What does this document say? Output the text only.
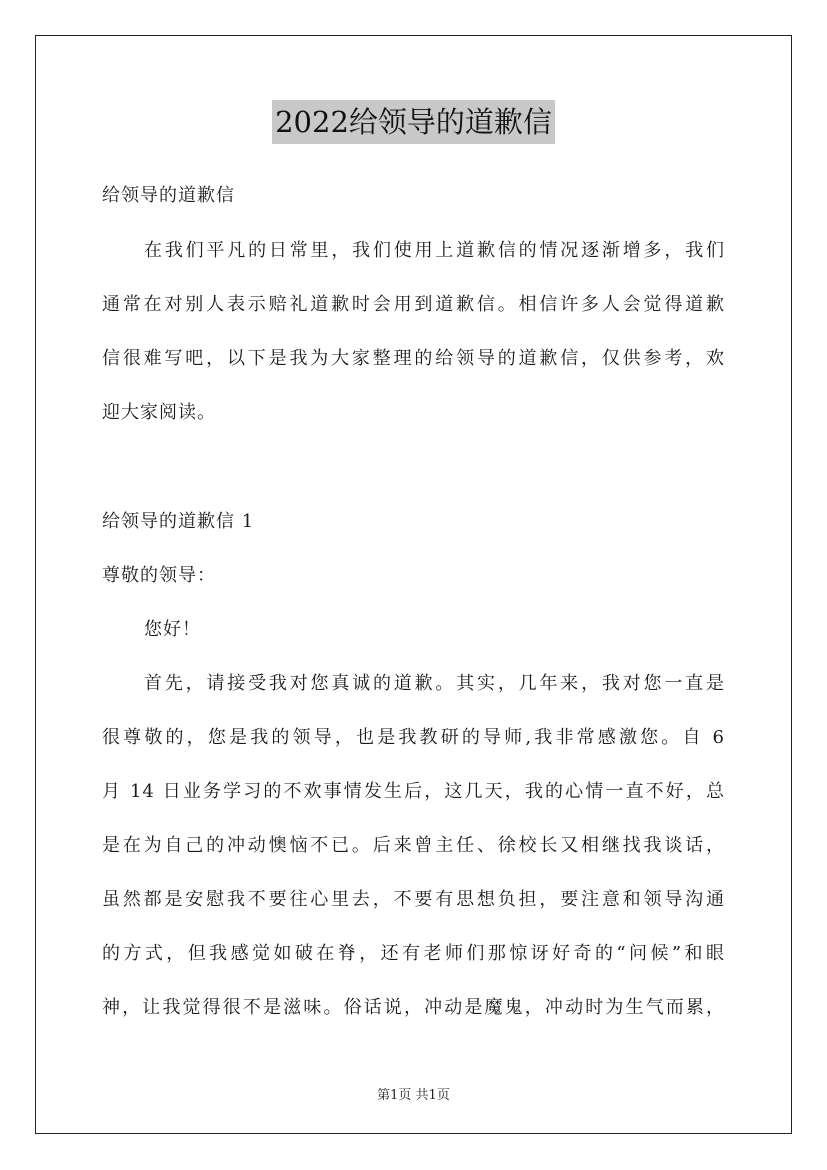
2022给领导的道歉信
给领导的道歉信
在我们平凡的日常里，我们使用上道歉信的情况逐渐增多，我们
通常在对别人表示赔礼道歉时会用到道歉信。相信许多人会觉得道歉
信很难写吧，以下是我为大家整理的给领导的道歉信，仅供参考，欢
迎大家阅读。
给领导的道歉信 1
尊敬的领导：
您好！
首先，请接受我对您真诚的道歉。其实，几年来，我对您一直是
很尊敬的，您是我的领导，也是我教研的导师,我非常感激您。自 6
月 14 日业务学习的不欢事情发生后，这几天，我的心情一直不好，总
是在为自己的冲动懊恼不已。后来曾主任、徐校长又相继找我谈话，
虽然都是安慰我不要往心里去，不要有思想负担，要注意和领导沟通
的方式，但我感觉如破在脊，还有老师们那惊讶好奇的“问候”和眼
神，让我觉得很不是滋味。俗话说，冲动是魔鬼，冲动时为生气而累，
第1页 共1页
